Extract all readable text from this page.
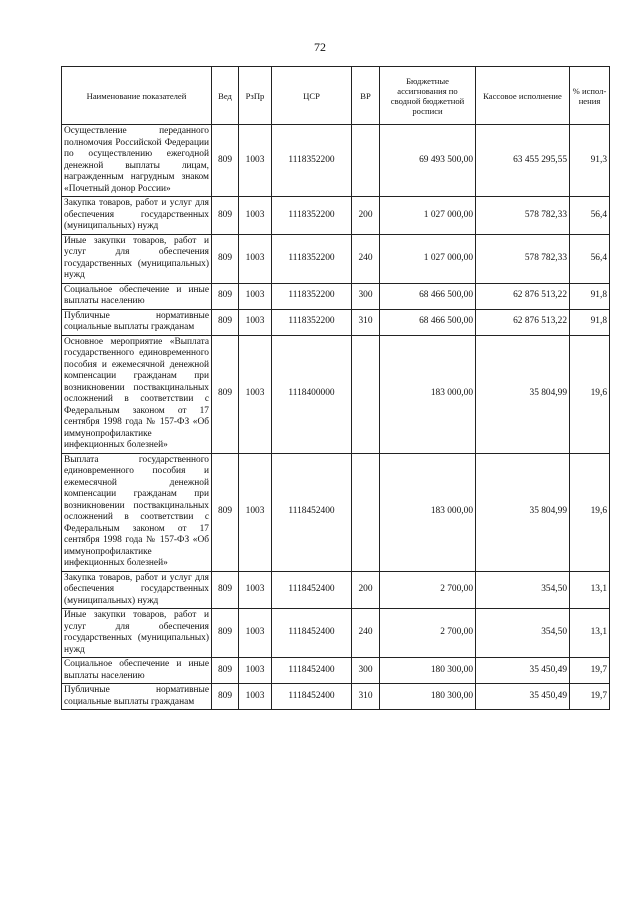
72
Наименование показателей	Вед	РзПр	ЦСР	ВР	Бюджетные ассигнования по сводной бюджетной росписи	Кассовое исполнение	% испол-нения
Осуществление переданного полномочия Российской Федерации по осуществлению ежегодной денежной выплаты лицам, награжденным нагрудным знаком «Почетный донор России»	809	1003	1118352200		69 493 500,00	63 455 295,55	91,3
Закупка товаров, работ и услуг для обеспечения государственных (муниципальных) нужд	809	1003	1118352200	200	1 027 000,00	578 782,33	56,4
Иные закупки товаров, работ и услуг для обеспечения государственных (муниципальных) нужд	809	1003	1118352200	240	1 027 000,00	578 782,33	56,4
Социальное обеспечение и иные выплаты населению	809	1003	1118352200	300	68 466 500,00	62 876 513,22	91,8
Публичные нормативные социальные выплаты гражданам	809	1003	1118352200	310	68 466 500,00	62 876 513,22	91,8
Основное мероприятие «Выплата государственного единовременного пособия и ежемесячной денежной компенсации гражданам при возникновении поствакцинальных осложнений в соответствии с Федеральным законом от 17 сентября 1998 года № 157-ФЗ «Об иммунопрофилактике инфекционных болезней»	809	1003	1118400000		183 000,00	35 804,99	19,6
Выплата государственного единовременного пособия и ежемесячной денежной компенсации гражданам при возникновении поствакцинальных осложнений в соответствии с Федеральным законом от 17 сентября 1998 года № 157-ФЗ «Об иммунопрофилактике инфекционных болезней»	809	1003	1118452400		183 000,00	35 804,99	19,6
Закупка товаров, работ и услуг для обеспечения государственных (муниципальных) нужд	809	1003	1118452400	200	2 700,00	354,50	13,1
Иные закупки товаров, работ и услуг для обеспечения государственных (муниципальных) нужд	809	1003	1118452400	240	2 700,00	354,50	13,1
Социальное обеспечение и иные выплаты населению	809	1003	1118452400	300	180 300,00	35 450,49	19,7
Публичные нормативные социальные выплаты гражданам	809	1003	1118452400	310	180 300,00	35 450,49	19,7
